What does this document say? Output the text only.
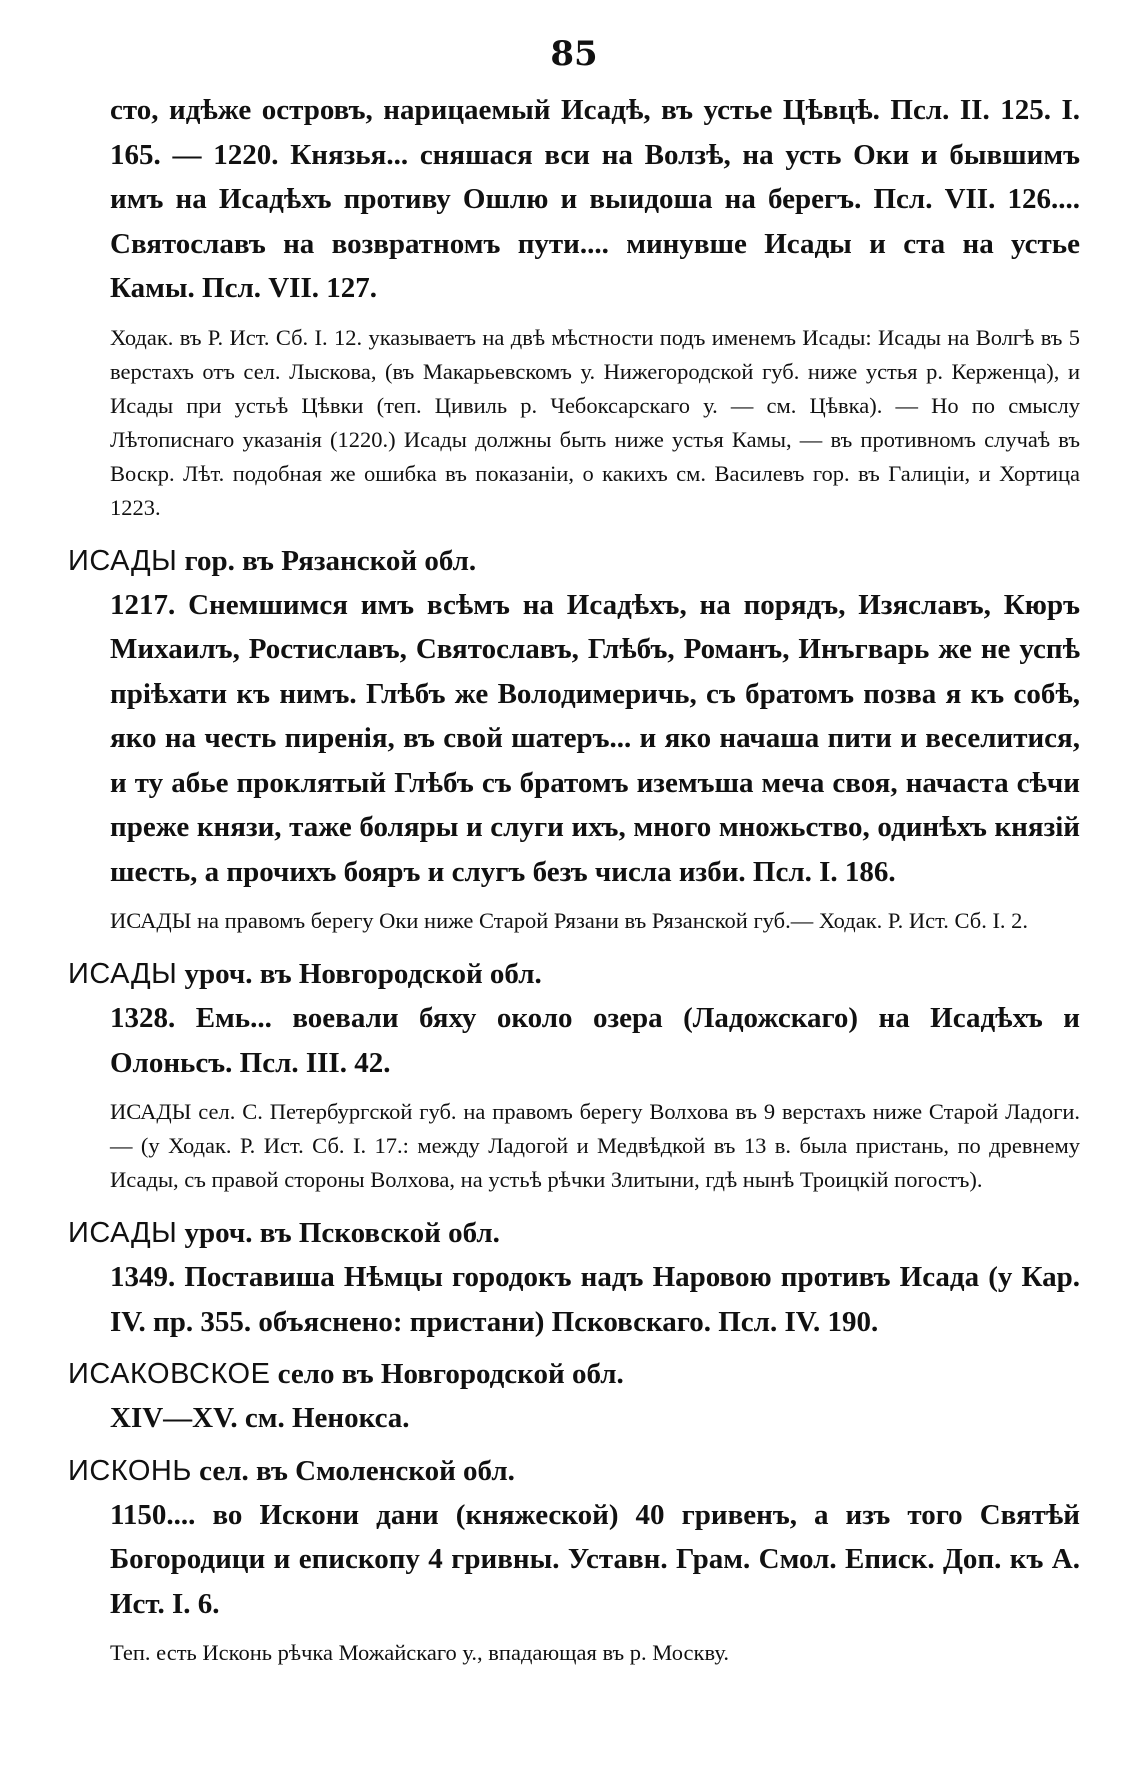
85

сто, идѣже островъ, нарицаемый Исадѣ, въ устье Цѣвцѣ. Псл. II. 125. I. 165. — 1220. Князья... сняшася вси на Волзѣ, на усть Оки и бывшимъ имъ на Исадѣхъ противу Ошлю и выидоша на берегъ. Псл. VII. 126.... Святославъ на возвратномъ пути.... минувше Исады и ста на устье Камы. Псл. VII. 127.

Ходак. въ Р. Ист. Сб. I. 12. указываетъ на двѣ мѣстности подъ именемъ Исады: Исады на Волгѣ въ 5 верстахъ отъ сел. Лыскова, (въ Макарьевскомъ у. Нижегородской губ. ниже устья р. Керженца), и Исады при устьѣ Цѣвки (теп. Цивиль р. Чебоксарскаго у. — см. Цѣвка). — Но по смыслу Лѣтописнаго указанія (1220.) Исады должны быть ниже устья Камы, — въ противномъ случаѣ въ Воскр. Лѣт. подобная же ошибка въ показаніи, о какихъ см. Василевъ гор. въ Галиціи, и Хортица 1223.

ИСАДЫ гор. въ Рязанской обл.

1217. Снемшимся имъ всѣмъ на Исадѣхъ, на порядъ, Изяславъ, Кюръ Михаилъ, Ростиславъ, Святославъ, Глѣбъ, Романъ, Инъгварь же не успѣ пріѣхати къ нимъ. Глѣбъ же Володимеричь, съ братомъ позва я къ собѣ, яко на честь пиренія, въ свой шатеръ... и яко начаша пити и веселитися, и ту абье проклятый Глѣбъ съ братомъ иземъша меча своя, начаста сѣчи преже князи, таже боляры и слуги ихъ, много множьство, одинѣхъ князій шесть, а прочихъ бояръ и слугъ безъ числа изби. Псл. I. 186.

ИСАДЫ на правомъ берегу Оки ниже Старой Рязани въ Рязанской губ.— Ходак. Р. Ист. Сб. I. 2.

ИСАДЫ уроч. въ Новгородской обл.

1328. Емь... воевали бяху около озера (Ладожскаго) на Исадѣхъ и Олоньсъ. Псл. III. 42.

ИСАДЫ сел. С. Петербургской губ. на правомъ берегу Волхова въ 9 верстахъ ниже Старой Ладоги. — (у Ходак. Р. Ист. Сб. I. 17.: между Ладогой и Медвѣдкой въ 13 в. была пристань, по древнему Исады, съ правой стороны Волхова, на устьѣ рѣчки Злитыни, гдѣ нынѣ Троицкій погостъ).

ИСАДЫ уроч. въ Псковской обл.

1349. Поставиша Нѣмцы городокъ надъ Наровою противъ Исада (у Кар. IV. пр. 355. объяснено: пристани) Псковскаго. Псл. IV. 190.

ИСАКОВСКОЕ село въ Новгородской обл.

XIV—XV. см. Ненокса.

ИСКОНЬ сел. въ Смоленской обл.

1150.... во Искони дани (княжеской) 40 гривенъ, а изъ того Святѣй Богородици и епископу 4 гривны. Уставн. Грам. Смол. Еписк. Доп. къ А. Ист. I. 6.

Теп. есть Исконь рѣчка Можайскаго у., впадающая въ р. Москву.
